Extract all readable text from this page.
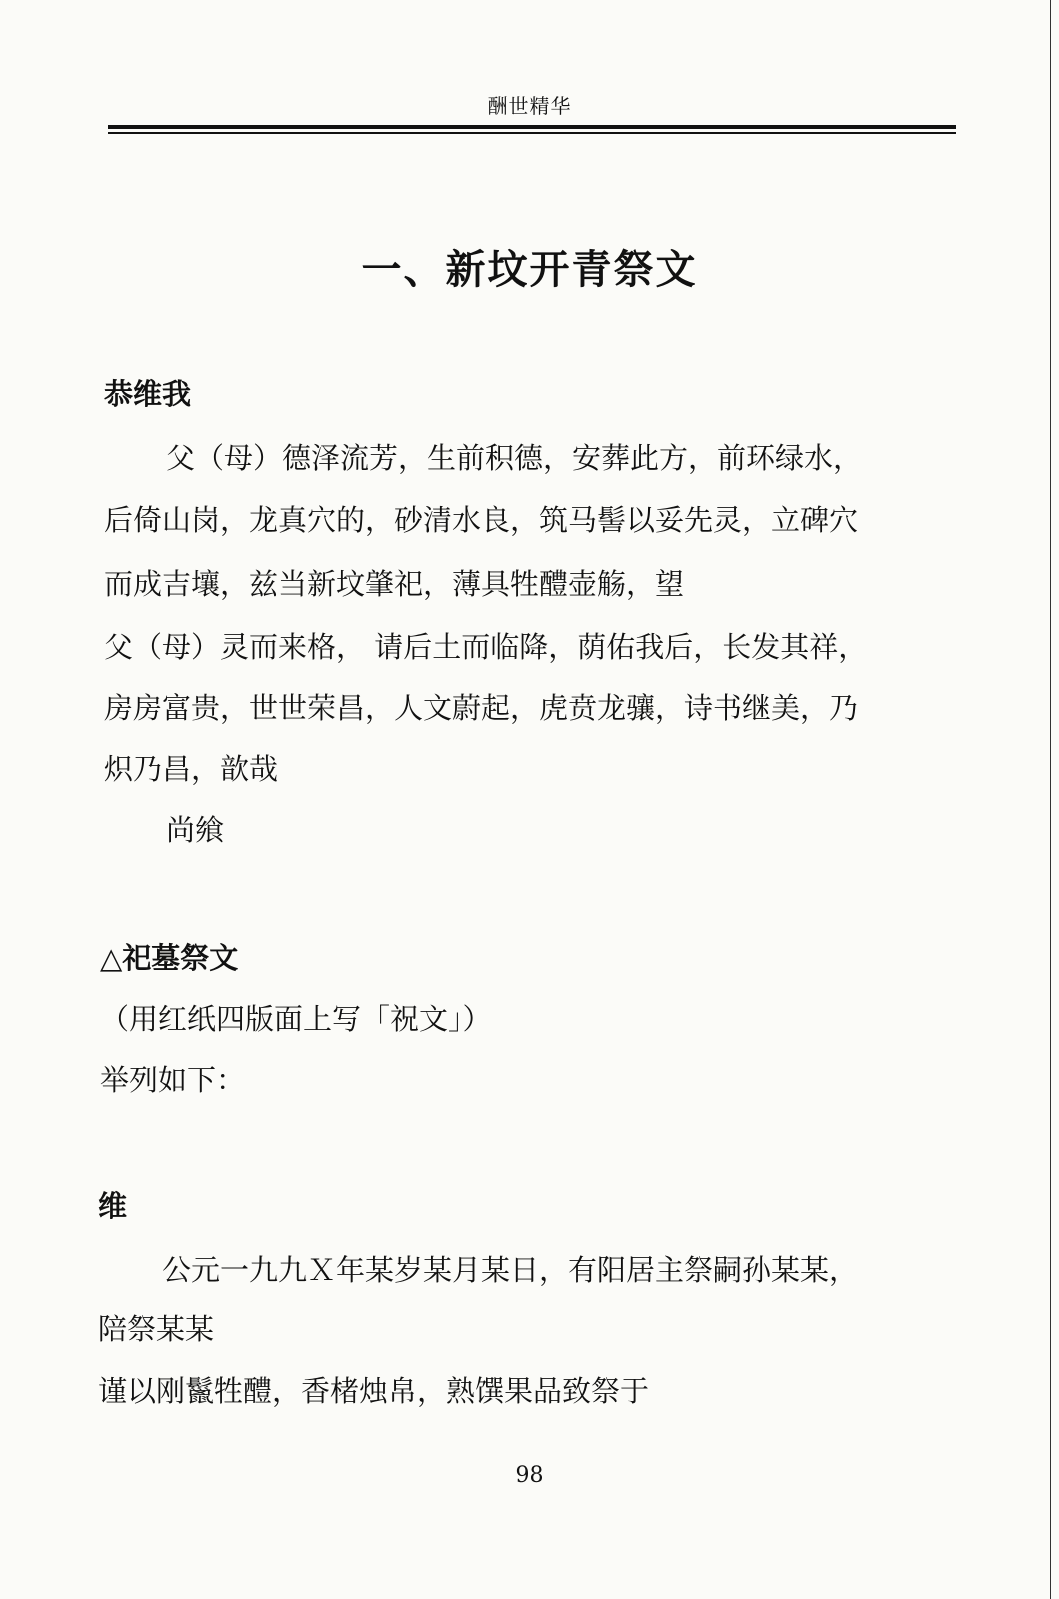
酬世精华
一、新坟开青祭文
恭维我
父（母）德泽流芳，生前积德，安葬此方，前环绿水，
后倚山岗，龙真穴的，砂清水良，筑马髻以妥先灵，立碑穴
而成吉壤，兹当新坟肇祀，薄具牲醴壶觞，望
父（母）灵而来格， 请后土而临降，荫佑我后，长发其祥，
房房富贵，世世荣昌，人文蔚起，虎贲龙骧，诗书继美，乃
炽乃昌，歆哉
尚飨
△祀墓祭文
（用红纸四版面上写「祝文」）
举列如下：
维
公元一九九Ｘ年某岁某月某日，有阳居主祭嗣孙某某，
陪祭某某
谨以刚鬣牲醴，香楮烛帛，熟馔果品致祭于
98
